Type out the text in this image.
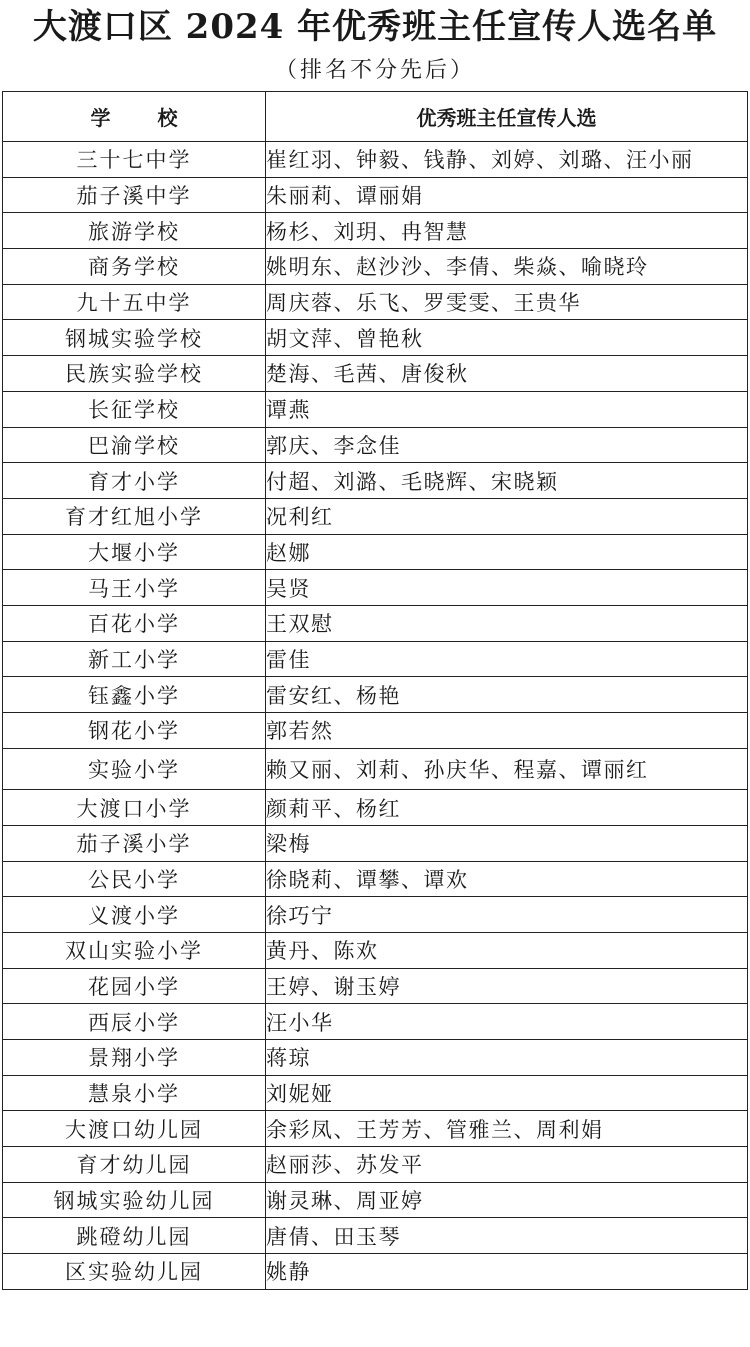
大渡口区 2024 年优秀班主任宣传人选名单
（排名不分先后）
学 校	优秀班主任宣传人选
三十七中学	崔红羽、钟毅、钱静、刘婷、刘璐、汪小丽
茄子溪中学	朱丽莉、谭丽娟
旅游学校	杨杉、刘玥、冉智慧
商务学校	姚明东、赵沙沙、李倩、柴焱、喻晓玲
九十五中学	周庆蓉、乐飞、罗雯雯、王贵华
钢城实验学校	胡文萍、曾艳秋
民族实验学校	楚海、毛茜、唐俊秋
长征学校	谭燕
巴渝学校	郭庆、李念佳
育才小学	付超、刘潞、毛晓辉、宋晓颖
育才红旭小学	况利红
大堰小学	赵娜
马王小学	吴贤
百花小学	王双慰
新工小学	雷佳
钰鑫小学	雷安红、杨艳
钢花小学	郭若然
实验小学	赖又丽、刘莉、孙庆华、程嘉、谭丽红
大渡口小学	颜莉平、杨红
茄子溪小学	梁梅
公民小学	徐晓莉、谭攀、谭欢
义渡小学	徐巧宁
双山实验小学	黄丹、陈欢
花园小学	王婷、谢玉婷
西辰小学	汪小华
景翔小学	蒋琼
慧泉小学	刘妮娅
大渡口幼儿园	余彩凤、王芳芳、管雅兰、周利娟
育才幼儿园	赵丽莎、苏发平
钢城实验幼儿园	谢灵琳、周亚婷
跳磴幼儿园	唐倩、田玉琴
区实验幼儿园	姚静
